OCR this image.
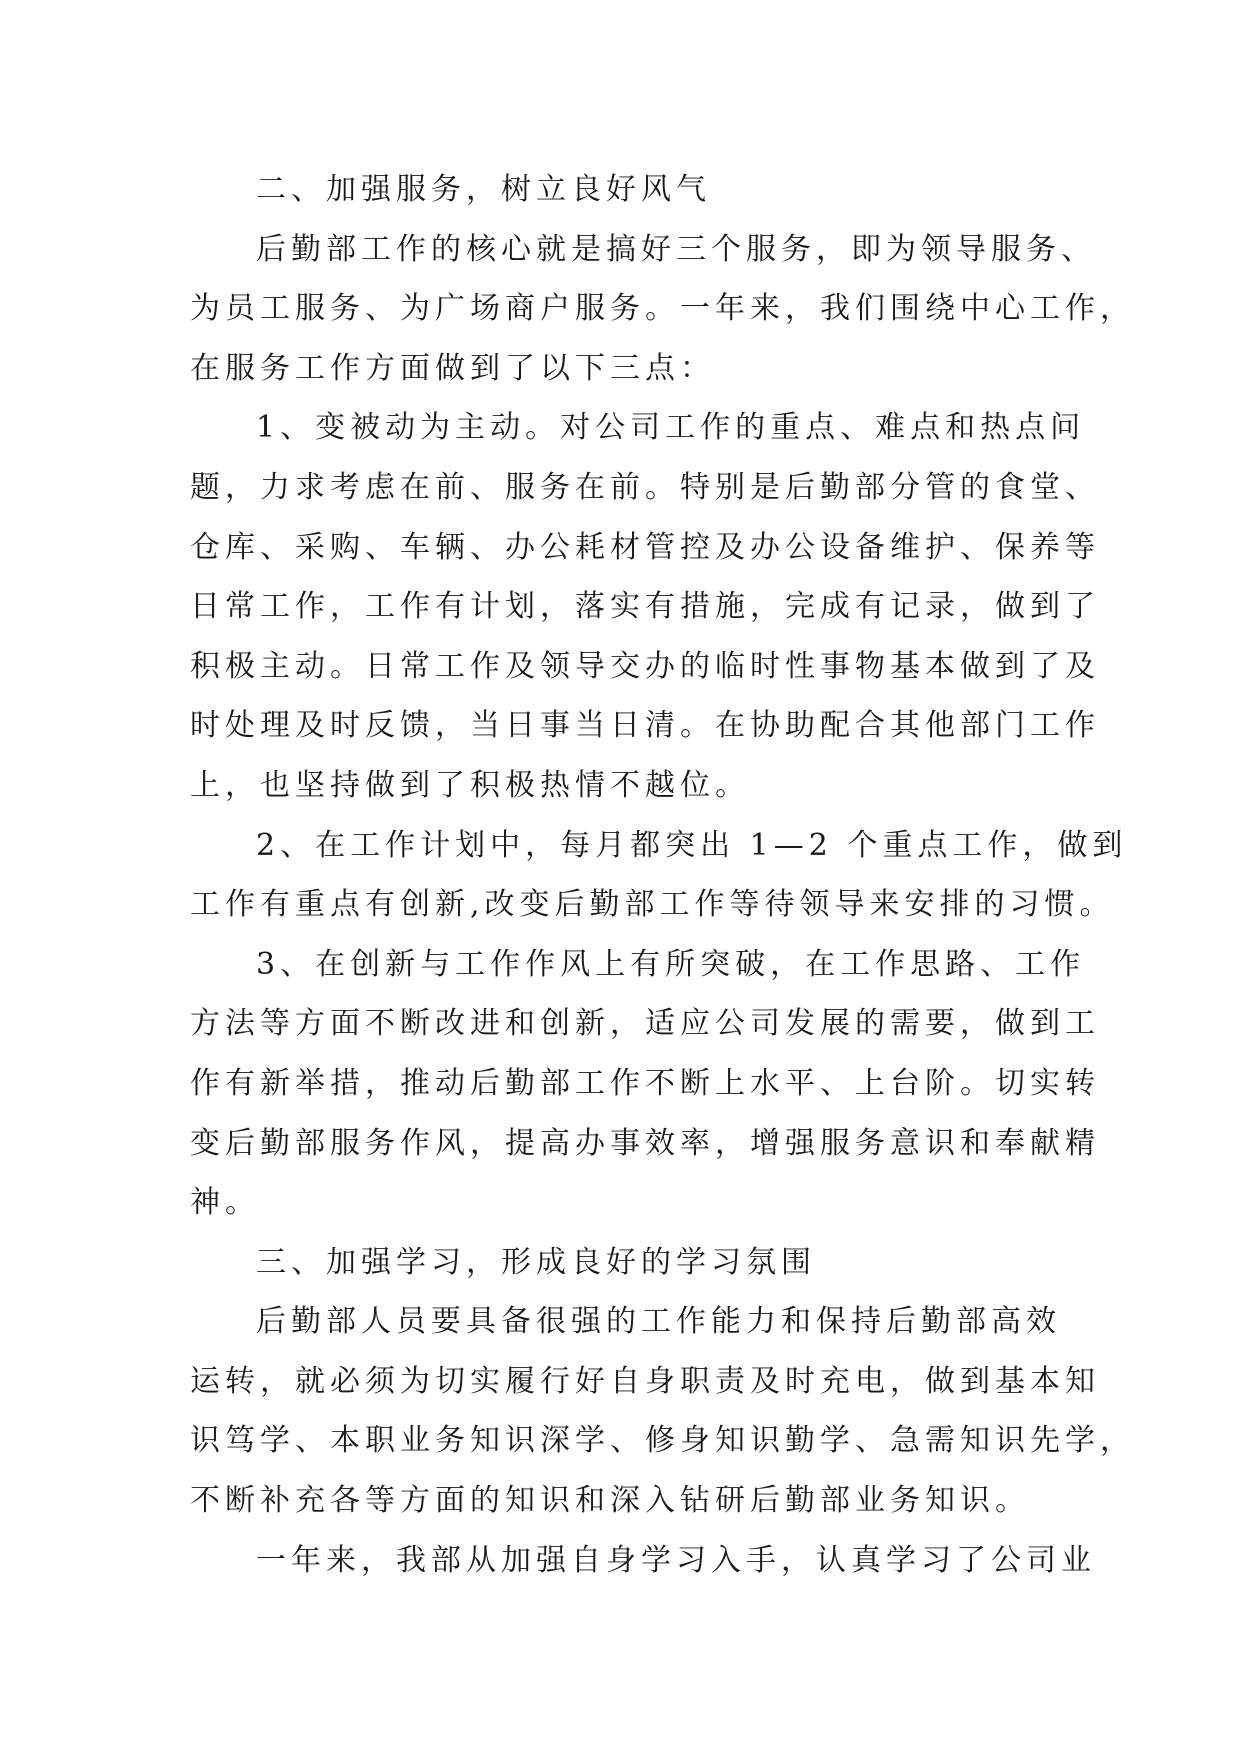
二、加强服务，树立良好风气
后勤部工作的核心就是搞好三个服务，即为领导服务、
为员工服务、为广场商户服务。一年来，我们围绕中心工作，
在服务工作方面做到了以下三点：
1、变被动为主动。对公司工作的重点、难点和热点问
题，力求考虑在前、服务在前。特别是后勤部分管的食堂、
仓库、采购、车辆、办公耗材管控及办公设备维护、保养等
日常工作，工作有计划，落实有措施，完成有记录，做到了
积极主动。日常工作及领导交办的临时性事物基本做到了及
时处理及时反馈，当日事当日清。在协助配合其他部门工作
上，也坚持做到了积极热情不越位。
2、在工作计划中，每月都突出 1—2 个重点工作，做到
工作有重点有创新,改变后勤部工作等待领导来安排的习惯。
3、在创新与工作作风上有所突破，在工作思路、工作
方法等方面不断改进和创新，适应公司发展的需要，做到工
作有新举措，推动后勤部工作不断上水平、上台阶。切实转
变后勤部服务作风，提高办事效率，增强服务意识和奉献精
神。
三、加强学习，形成良好的学习氛围
后勤部人员要具备很强的工作能力和保持后勤部高效
运转，就必须为切实履行好自身职责及时充电，做到基本知
识笃学、本职业务知识深学、修身知识勤学、急需知识先学，
不断补充各等方面的知识和深入钻研后勤部业务知识。
一年来，我部从加强自身学习入手，认真学习了公司业
